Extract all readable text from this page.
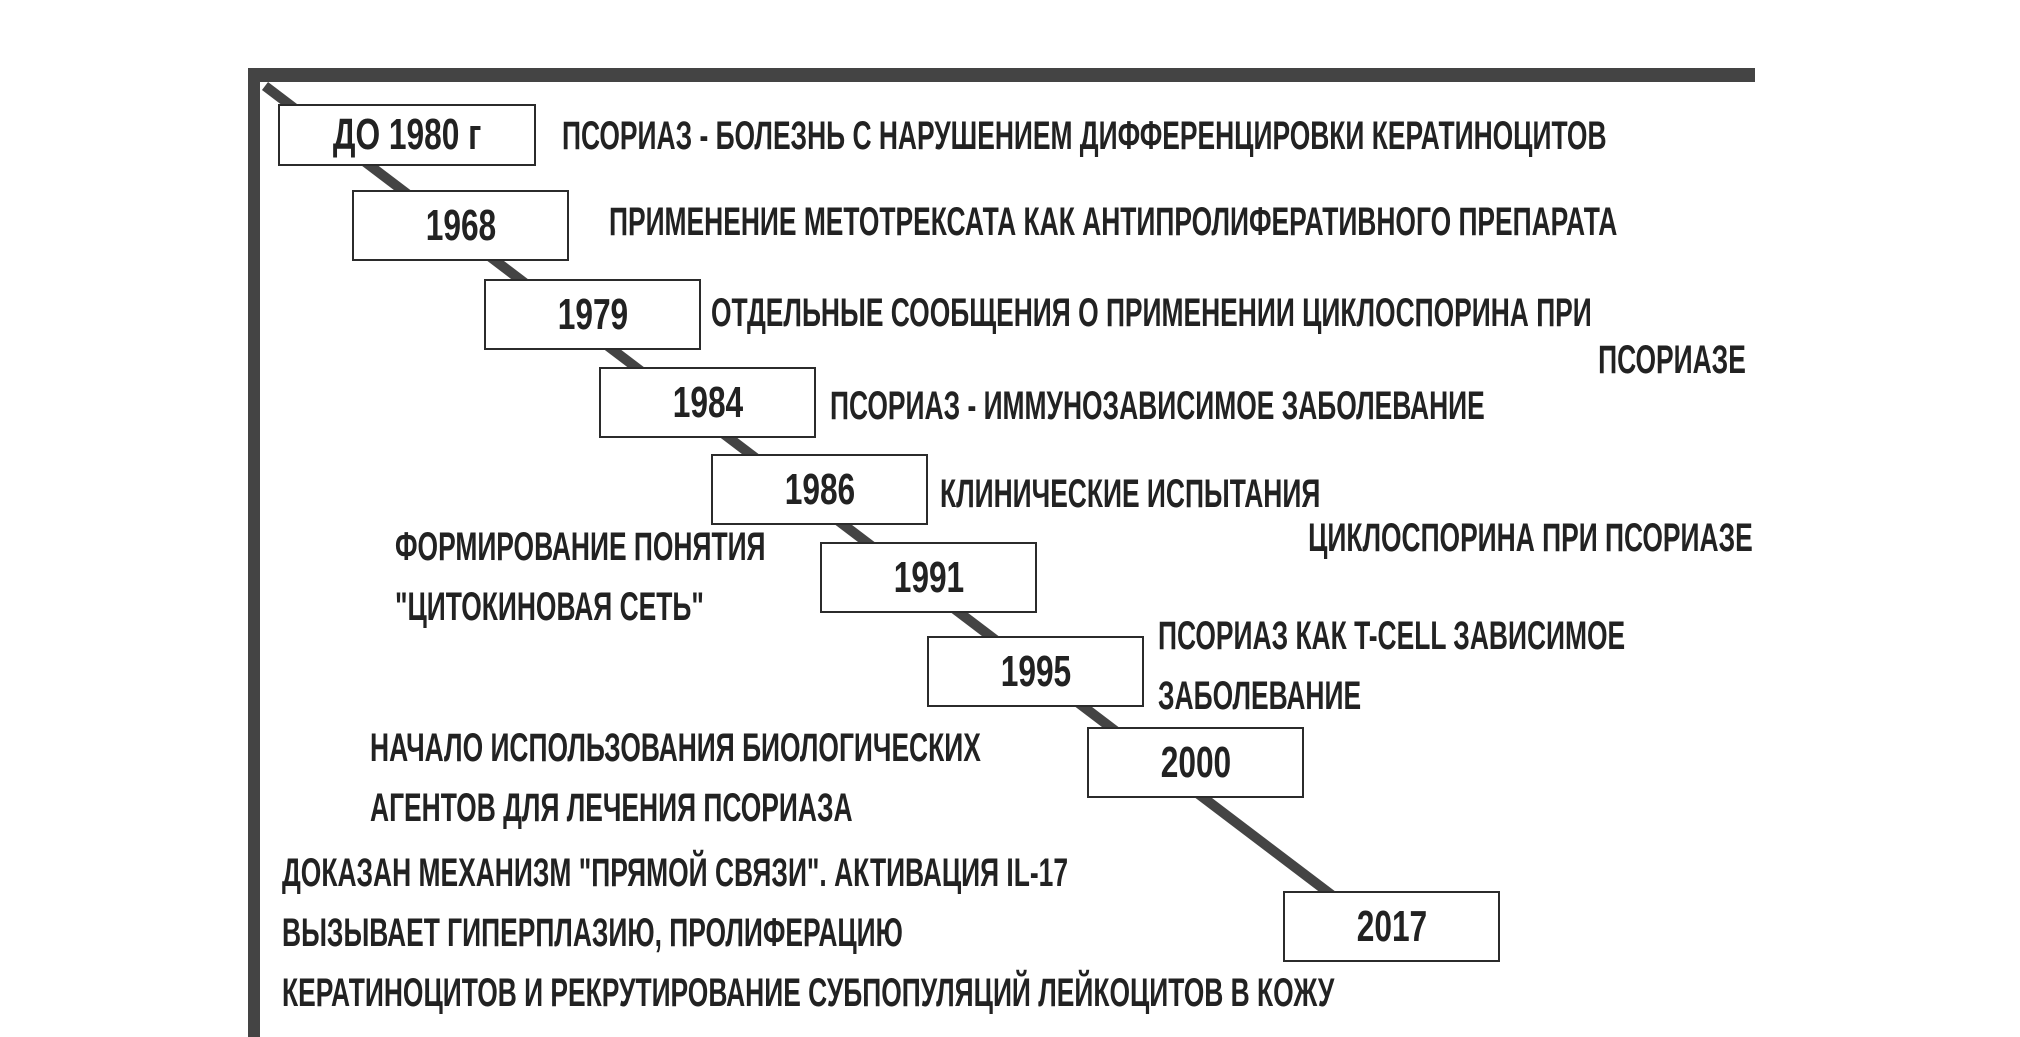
ДО 1980 г
1968
1979
1984
1986
1991
1995
2000
2017

ПСОРИАЗ - БОЛЕЗНЬ С НАРУШЕНИЕМ ДИФФЕРЕНЦИРОВКИ КЕРАТИНОЦИТОВ

ПРИМЕНЕНИЕ МЕТОТРЕКСАТА КАК АНТИПРОЛИФЕРАТИВНОГО ПРЕПАРАТА

ОТДЕЛЬНЫЕ СООБЩЕНИЯ О ПРИМЕНЕНИИ ЦИКЛОСПОРИНА ПРИ

ПСОРИАЗЕ

ПСОРИАЗ - ИММУНОЗАВИСИМОЕ ЗАБОЛЕВАНИЕ

КЛИНИЧЕСКИЕ ИСПЫТАНИЯ

ЦИКЛОСПОРИНА ПРИ ПСОРИАЗЕ

ФОРМИРОВАНИЕ ПОНЯТИЯ
"ЦИТОКИНОВАЯ СЕТЬ"

ПСОРИАЗ КАК T-CELL ЗАВИСИМОЕ
ЗАБОЛЕВАНИЕ

НАЧАЛО ИСПОЛЬЗОВАНИЯ БИОЛОГИЧЕСКИХ
АГЕНТОВ ДЛЯ ЛЕЧЕНИЯ ПСОРИАЗА

ДОКАЗАН МЕХАНИЗМ "ПРЯМОЙ СВЯЗИ". АКТИВАЦИЯ IL-17
ВЫЗЫВАЕТ ГИПЕРПЛАЗИЮ, ПРОЛИФЕРАЦИЮ
КЕРАТИНОЦИТОВ И РЕКРУТИРОВАНИЕ СУБПОПУЛЯЦИЙ ЛЕЙКОЦИТОВ В КОЖУ
